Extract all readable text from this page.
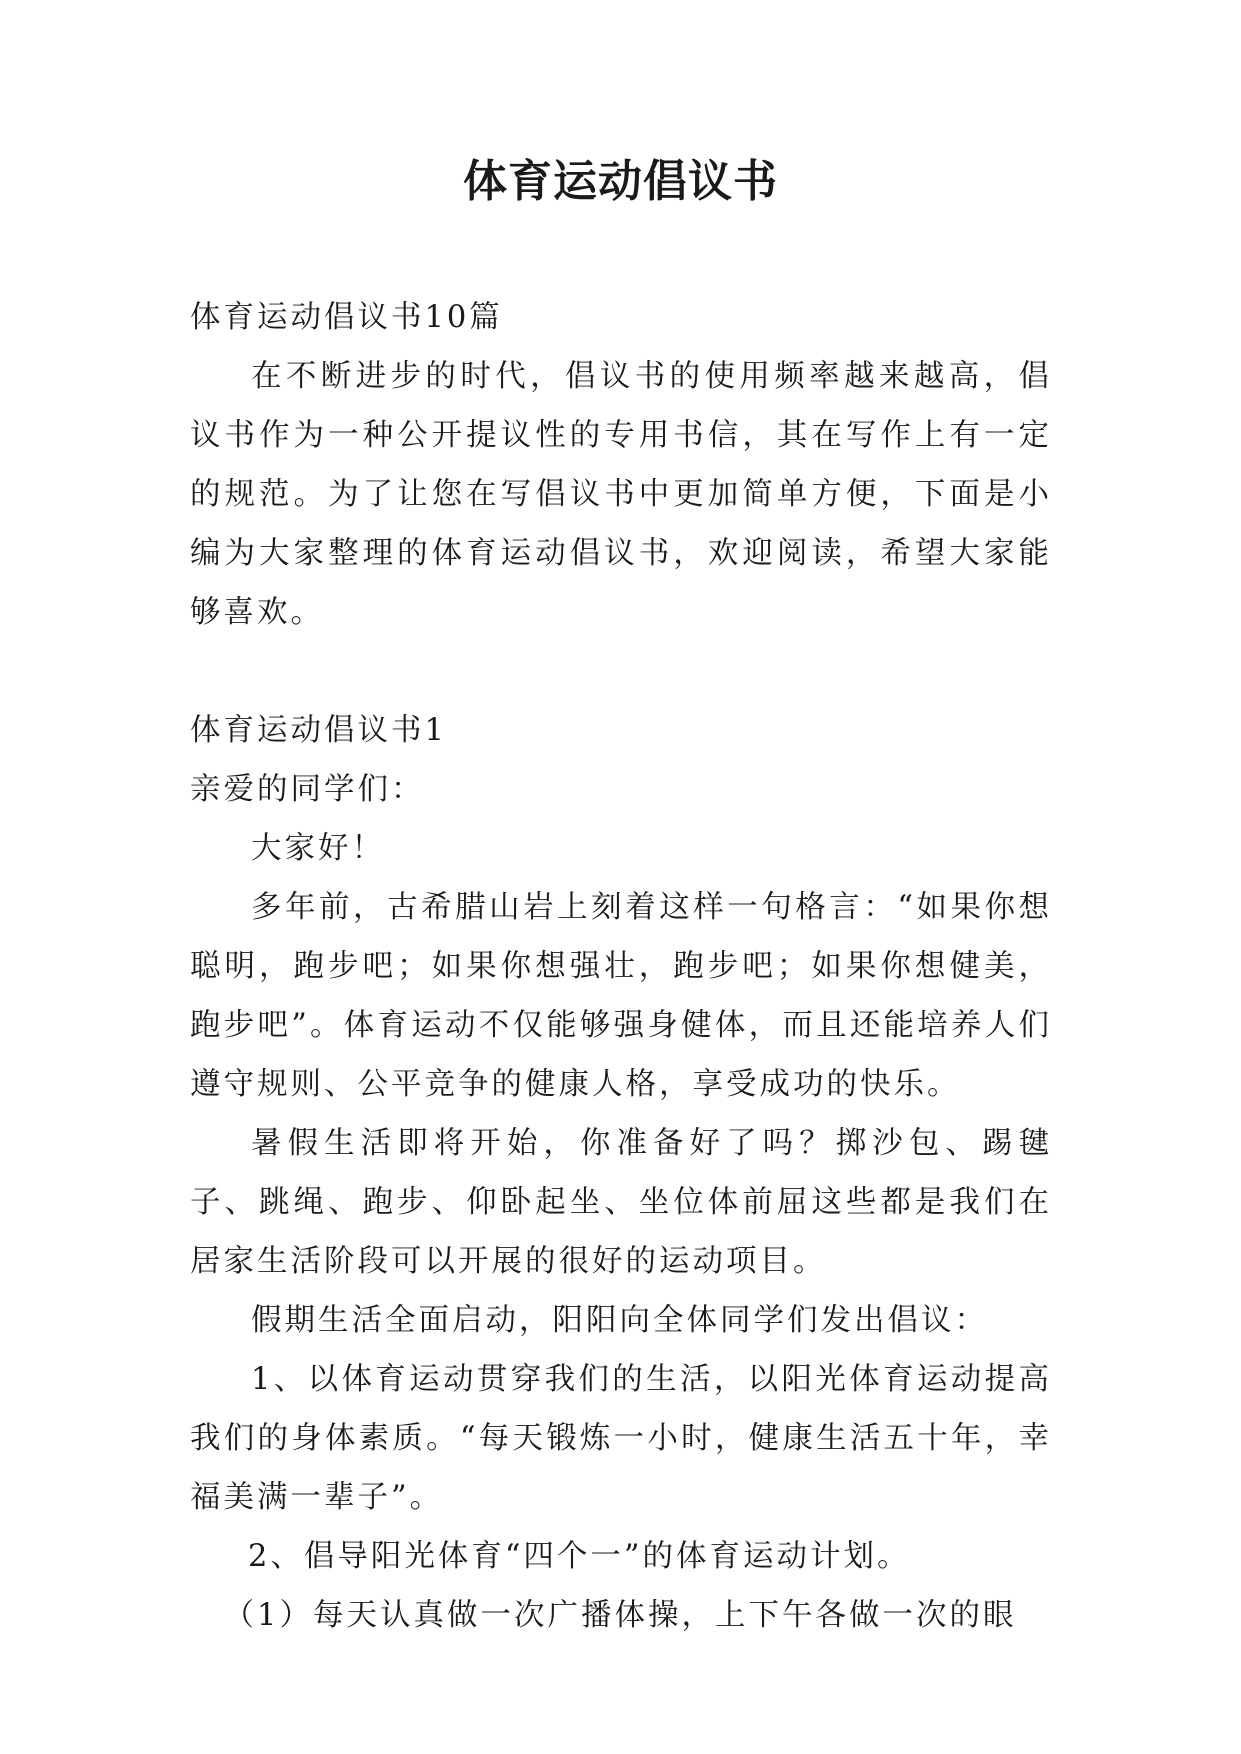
体育运动倡议书

体育运动倡议书10篇

在不断进步的时代，倡议书的使用频率越来越高，倡议书作为一种公开提议性的专用书信，其在写作上有一定的规范。为了让您在写倡议书中更加简单方便，下面是小编为大家整理的体育运动倡议书，欢迎阅读，希望大家能够喜欢。

体育运动倡议书1

亲爱的同学们：

大家好！

多年前，古希腊山岩上刻着这样一句格言：“如果你想聪明，跑步吧；如果你想强壮，跑步吧；如果你想健美，跑步吧”。体育运动不仅能够强身健体，而且还能培养人们遵守规则、公平竞争的健康人格，享受成功的快乐。

暑假生活即将开始，你准备好了吗？掷沙包、踢毽子、跳绳、跑步、仰卧起坐、坐位体前屈这些都是我们在居家生活阶段可以开展的很好的运动项目。

假期生活全面启动，阳阳向全体同学们发出倡议：

1、以体育运动贯穿我们的生活，以阳光体育运动提高我们的身体素质。“每天锻炼一小时，健康生活五十年，幸福美满一辈子”。

2、倡导阳光体育“四个一”的体育运动计划。

（1）每天认真做一次广播体操，上下午各做一次的眼
